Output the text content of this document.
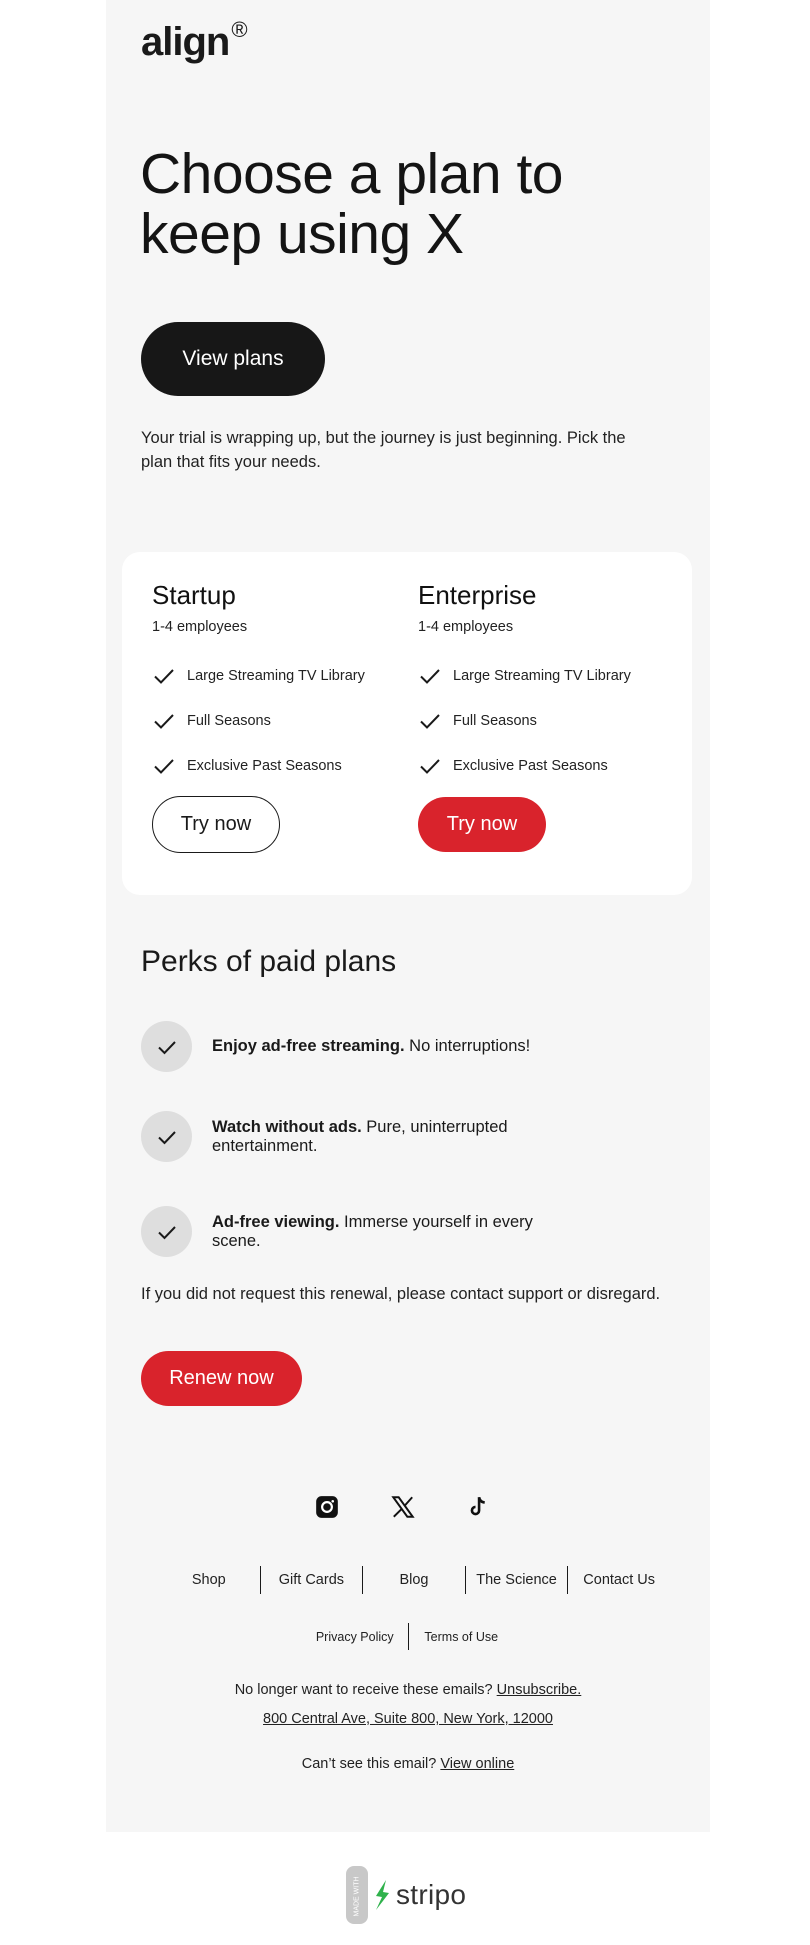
align®
Choose a plan to keep using X
View plans

Your trial is wrapping up, but the journey is just beginning. Pick the plan that fits your needs.

Startup
1-4 employees
Large Streaming TV Library
Full Seasons
Exclusive Past Seasons
Try now
Enterprise
1-4 employees
Large Streaming TV Library
Full Seasons
Exclusive Past Seasons
Try now
Perks of paid plans
Enjoy ad-free streaming. No interruptions!
Watch without ads. Pure, uninterrupted entertainment.
Ad-free viewing. Immerse yourself in every scene.

If you did not request this renewal, please contact support or disregard.

Renew now
Shop	Gift Cards	Blog	The Science	Contact Us
Privacy Policy	Terms of Use
No longer want to receive these emails? Unsubscribe.
800 Central Ave, Suite 800, New York, 12000
Can’t see this email? View online
MADE WITH stripo
